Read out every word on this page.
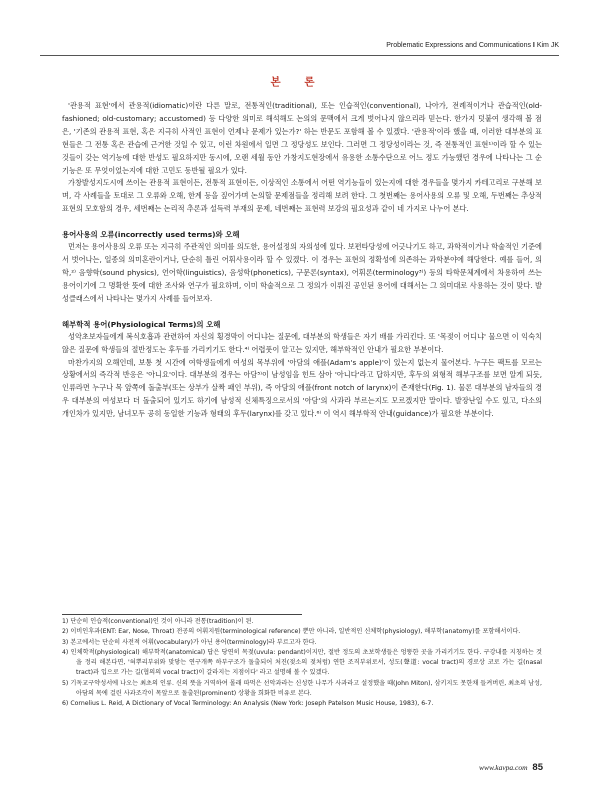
Problematic Expressions and Communications I Kim JK
본 론

'관용적 표현'에서 관용적(idiomatic)이란 다른 말로, 전통적인(traditional), 또는 인습적인(conventional), 나아가, 전례적이거나 관습적인(old-fashioned; old-customary; accustomed) 등 다양한 의미로 해석해도 논의의 문맥에서 크게 벗어나지 않으리라 믿는다. 한가지 덧붙여 생각해 볼 점은, '기존의 관용적 표현, 혹은 지극히 사적인 표현이 언제나 문제가 있는가?' 하는 반문도 포함해 볼 수 있겠다. '관용적'이라 했을 때, 이러한 대부분의 표현들은 그 전통 혹은 관습에 근거한 것일 수 있고, 이런 차원에서 일면 그 정당성도 보인다. 그러면 그 정당성이라는 것, 즉 전통적인 표현¹⁾이라 할 수 있는 것들이 갖는 역기능에 대한 반성도 필요하지만 동시에, 오랜 세월 동안 가창지도현장에서 유용한 소통수단으로 어느 정도 가능했던 경우에 나타나는 그 순기능은 또 무엇이었는지에 대한 고민도 동반될 필요가 있다.

가창발성지도시에 쓰이는 관용적 표현이든, 전통적 표현이든, 이상적인 소통에서 어떤 역기능들이 있는지에 대한 경우들을 몇가지 카테고리로 구분해 보며, 각 사례들을 토대로 그 오류와 오해, 한계 등을 짚어가며 논의할 문제점들을 정리해 보려 한다. 그 첫번째는 용어사용의 오류 및 오해, 두번째는 추상적 표현의 모호함의 경우, 세번째는 논리적 추론과 설득력 부재의 문제, 네번째는 표현력 보강의 필요성과 같이 네 가지로 나누어 본다.

용어사용의 오류(incorrectly used terms)와 오해

먼저는 용어사용의 오류 또는 지극히 주관적인 의미를 의도한, 용어설정의 자의성에 있다. 보편타당성에 어긋나기도 하고, 과학적이거나 학술적인 기준에서 벗어나는, 일종의 의미혼란이거나, 단순히 틀린 어휘사용이라 할 수 있겠다. 이 경우는 표현의 정확성에 의존하는 과학분야에 해당한다. 예를 들어, 의학,²⁾ 음향학(sound physics), 언어학(linguistics), 음성학(phonetics), 구문론(syntax), 어휘론(terminology³⁾) 등의 타학문체계에서 차용하여 쓰는 용어이기에 그 명확한 뜻에 대한 조사와 연구가 필요하며, 이미 학술적으로 그 정의가 이뤄진 공인된 용어에 대해서는 그 의미대로 사용하는 것이 맞다. 발성클래스에서 나타나는 몇가지 사례를 들어보자.

해부학적 용어(Physiological Terms)의 오해

성악초보자들에게 복식호흡과 관련하여 자신의 횡경막이 어디냐는 질문에, 대부분의 학생들은 자기 배를 가리킨다. 또 '목젖이 어디냐' 물으면 이 익숙치 않은 질문에 학생들의 절반정도는 후두를 가리키기도 한다.⁴⁾ 어렵풋이 알고는 있지만, 해부학적인 안내가 필요한 부분이다.

마찬가지의 오해인데, 보통 첫 시간에 여학생들에게 여성의 목부위에 '아담의 애플(Adam's apple)'이 있는지 없는지 물어본다. 누구든 팩트를 모르는 상황에서의 즉각적 반응은 '아니요'이다. 대부분의 경우는 아담⁵⁾이 남성임을 힌트 삼아 '아니다'라고 답하지만, 후두의 외형적 해부구조를 보면 알게 되듯, 인류라면 누구나 목 앞쪽에 돌출부(또는 상부가 살짝 패인 부위), 즉 아담의 애플(front notch of larynx)이 존재한다(Fig. 1). 물론 대부분의 남자들의 경우 대부분의 여성보다 더 돌출되어 있기도 하기에 남성적 신체특징으로서의 '아담'의 사과라 부르는지도 모르겠지만 말이다. 발장난일 수도 있고, 다소의 개인차가 있지만, 남녀모두 공히 동일한 기능과 형태의 후두(larynx)를 갖고 있다.⁶⁾ 이 역시 해부학적 안내(guidance)가 필요한 부분이다.

1) 단순히 인습적(conventional)인 것이 아니라 전통(tradition)이 된.

2) 이비인후과(ENT: Ear, Nose, Throat) 전공의 어휘지원(terminological reference) 뿐만 아니라, 일반적인 신체학(physiology), 해부학(anatomy)를 포함해서이다.

3) 본고에서는 단순히 사전적 어휘(vocabulary)가 아닌 용어(terminology)라 부르고자 한다.

4) 인체학적(physiological) 해부학적(anatomical) 답은 당연히 목젖(uvula: pendant)이지만, 절반 정도의 초보학생들은 엉뚱한 곳을 가리키기도 한다. 구강내를 지칭하는 것을 정리 해본다면, '혀뿌리부위와 맞닿는 연구개쪽 하부구조가 돌출되어 처진(젖소의 젖처럼) 연한 조직부위로서, 성도(聲道: vocal tract)의 경로상 코로 가는 길(nasal tract)과 입으로 가는 길(협의의 vocal tract)이 갈라지는 지점이다' 라고 설명해 볼 수 있겠다.

5) 기독교구약성서에 나오는 최초의 인류. 신의 뜻을 거역하여 몰래 따먹은 선악과라는 신성한 나무가 사과라고 설정했을 때(John Miton), 삼키지도 못한채 들켜버린, 최초의 남성, 아담의 목에 걸린 사과조각이 목앞으로 돌출된(prominent) 상황을 희화한 비유로 본다.

6) Cornelius L. Reid, A Dictionary of Vocal Terminology: An Analysis (New York: Joseph Patelson Music House, 1983), 6-7.

www.kavpa.com 85
